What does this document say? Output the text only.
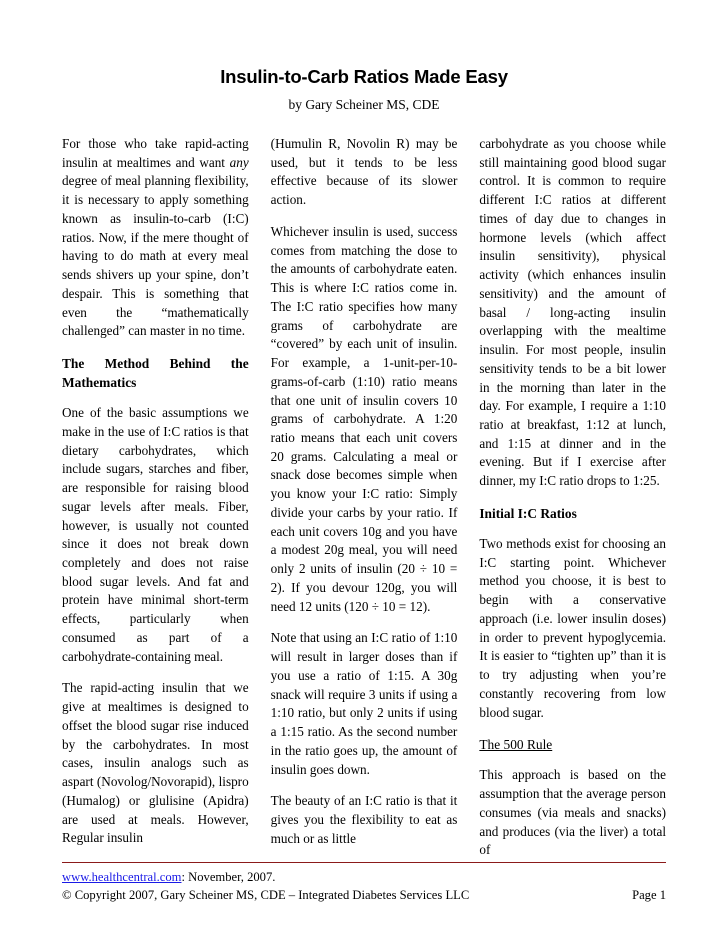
Insulin-to-Carb Ratios Made Easy
by Gary Scheiner MS, CDE

For those who take rapid-acting insulin at mealtimes and want any degree of meal planning flexibility, it is necessary to apply something known as insulin-to-carb (I:C) ratios. Now, if the mere thought of having to do math at every meal sends shivers up your spine, don’t despair. This is something that even the “mathematically challenged” can master in no time.

The Method Behind the Mathematics

One of the basic assumptions we make in the use of I:C ratios is that dietary carbohydrates, which include sugars, starches and fiber, are responsible for raising blood sugar levels after meals. Fiber, however, is usually not counted since it does not break down completely and does not raise blood sugar levels. And fat and protein have minimal short-term effects, particularly when consumed as part of a carbohydrate-containing meal.

The rapid-acting insulin that we give at mealtimes is designed to offset the blood sugar rise induced by the carbohydrates. In most cases, insulin analogs such as aspart (Novolog/Novorapid), lispro (Humalog) or glulisine (Apidra) are used at meals. However, Regular insulin

(Humulin R, Novolin R) may be used, but it tends to be less effective because of its slower action.

Whichever insulin is used, success comes from matching the dose to the amounts of carbohydrate eaten. This is where I:C ratios come in. The I:C ratio specifies how many grams of carbohydrate are “covered” by each unit of insulin. For example, a 1-unit-per-10-grams-of-carb (1:10) ratio means that one unit of insulin covers 10 grams of carbohydrate. A 1:20 ratio means that each unit covers 20 grams. Calculating a meal or snack dose becomes simple when you know your I:C ratio: Simply divide your carbs by your ratio. If each unit covers 10g and you have a modest 20g meal, you will need only 2 units of insulin (20 ÷ 10 = 2). If you devour 120g, you will need 12 units (120 ÷ 10 = 12).

Note that using an I:C ratio of 1:10 will result in larger doses than if you use a ratio of 1:15. A 30g snack will require 3 units if using a 1:10 ratio, but only 2 units if using a 1:15 ratio. As the second number in the ratio goes up, the amount of insulin goes down.

The beauty of an I:C ratio is that it gives you the flexibility to eat as much or as little

carbohydrate as you choose while still maintaining good blood sugar control. It is common to require different I:C ratios at different times of day due to changes in hormone levels (which affect insulin sensitivity), physical activity (which enhances insulin sensitivity) and the amount of basal / long-acting insulin overlapping with the mealtime insulin. For most people, insulin sensitivity tends to be a bit lower in the morning than later in the day. For example, I require a 1:10 ratio at breakfast, 1:12 at lunch, and 1:15 at dinner and in the evening. But if I exercise after dinner, my I:C ratio drops to 1:25.

Initial I:C Ratios

Two methods exist for choosing an I:C starting point. Whichever method you choose, it is best to begin with a conservative approach (i.e. lower insulin doses) in order to prevent hypoglycemia. It is easier to “tighten up” than it is to try adjusting when you’re constantly recovering from low blood sugar.

The 500 Rule

This approach is based on the assumption that the average person consumes (via meals and snacks) and produces (via the liver) a total of

www.healthcentral.com: November, 2007.
© Copyright 2007, Gary Scheiner MS, CDE – Integrated Diabetes Services LLC	Page 1
